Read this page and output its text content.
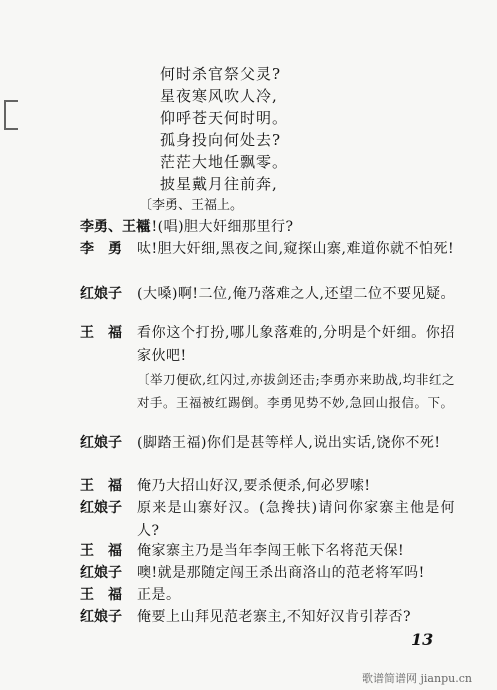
何时杀官祭父灵?
星夜寒风吹人冷,
仰呼苍天何时明。
孤身投向何处去?
茫茫大地任飘零。
披星戴月往前奔,
〔李勇、王福上。
李勇、王福
呔!(唱)胆大奸细那里行?
李　勇 呔!胆大奸细,黑夜之间,窥探山寨,难道你就不怕死!
红娘子 (大嗓)啊!二位,俺乃落难之人,还望二位不要见疑。
王　福 看你这个打扮,哪儿象落难的,分明是个奸细。你招家伙吧!
〔举刀便砍,红闪过,亦拔剑还击;李勇亦来助战,均非红之对手。王福被红踢倒。李勇见势不妙,急回山报信。下。
红娘子 (脚踏王福)你们是甚等样人,说出实话,饶你不死!
王　福 俺乃大招山好汉,要杀便杀,何必罗嗦!
红娘子 原来是山寨好汉。(急搀扶)请问你家寨主他是何人?
王　福 俺家寨主乃是当年李闯王帐下名将范天保!
红娘子 噢!就是那随定闯王杀出商洛山的范老将军吗!
王　福 正是。
红娘子 俺要上山拜见范老寨主,不知好汉肯引荐否?
13
歌谱简谱网 jianpu.cn
